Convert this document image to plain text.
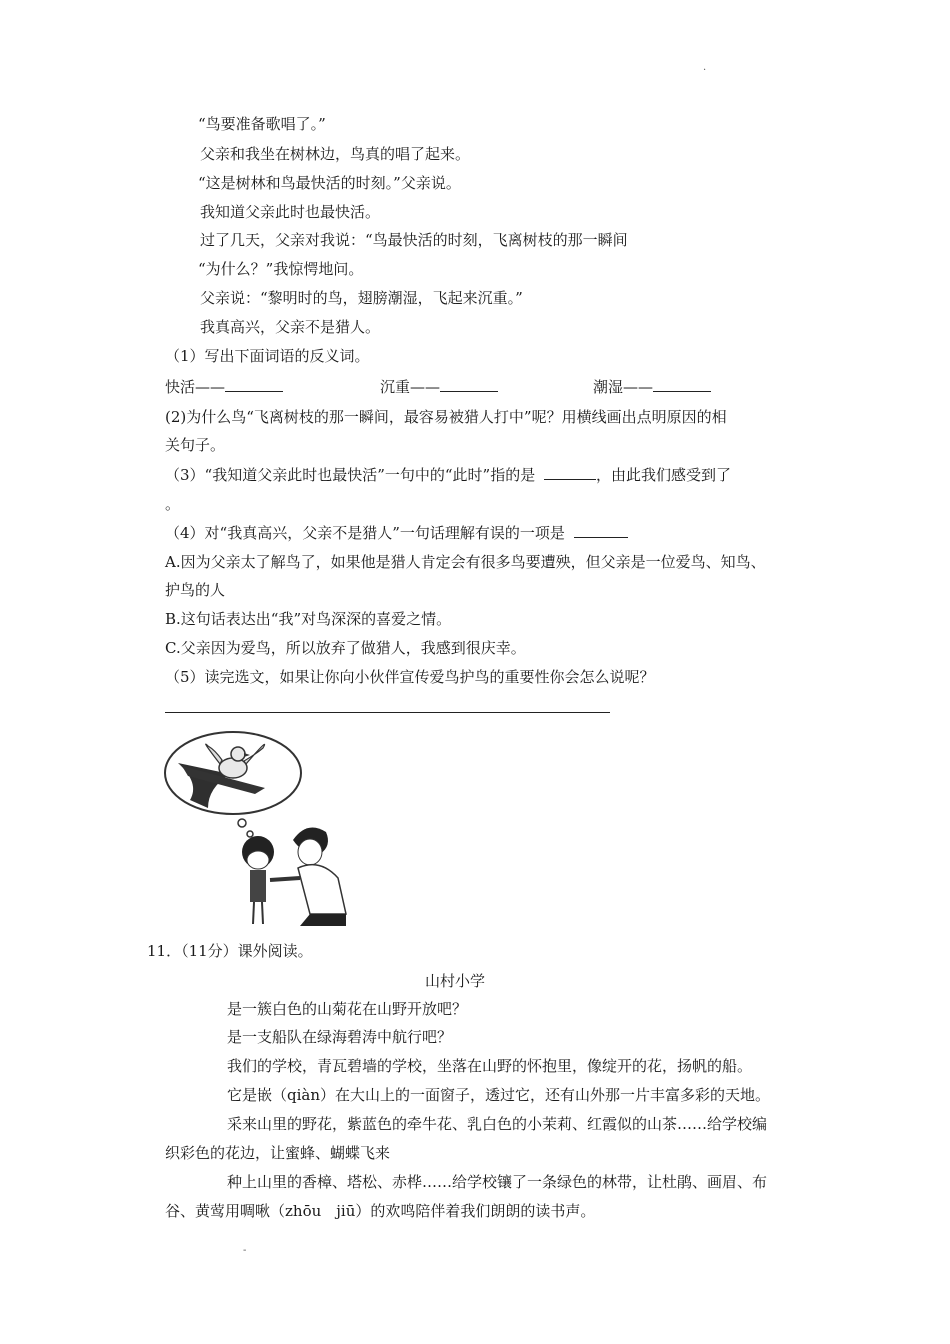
.
“鸟要准备歌唱了。”
父亲和我坐在树林边，鸟真的唱了起来。
“这是树林和鸟最快活的时刻。”父亲说。
我知道父亲此时也最快活。
过了几天，父亲对我说：“鸟最快活的时刻，飞离树枝的那一瞬间
“为什么？”我惊愕地问。
父亲说：“黎明时的鸟，翅膀潮湿，飞起来沉重。”
我真高兴，父亲不是猎人。
（1）写出下面词语的反义词。
快活——	沉重——	潮湿——
(2)为什么鸟“飞离树枝的那一瞬间，最容易被猎人打中”呢？用横线画出点明原因的相
关句子。
（3）“我知道父亲此时也最快活”一句中的“此时”指的是	，由此我们感受到了
。
（4）对“我真高兴，父亲不是猎人”一句话理解有误的一项是
A.因为父亲太了解鸟了，如果他是猎人肯定会有很多鸟要遭殃，但父亲是一位爱鸟、知鸟、
护鸟的人
B.这句话表达出“我”对鸟深深的喜爱之情。
C.父亲因为爱鸟，所以放弃了做猎人，我感到很庆幸。
（5）读完选文，如果让你向小伙伴宣传爱鸟护鸟的重要性你会怎么说呢？
11．（11分）课外阅读。
山村小学
是一簇白色的山菊花在山野开放吧？
是一支船队在绿海碧涛中航行吧？
我们的学校，青瓦碧墙的学校，坐落在山野的怀抱里，像绽开的花，扬帆的船。
它是嵌（qiàn）在大山上的一面窗子，透过它，还有山外那一片丰富多彩的天地。
采来山里的野花，紫蓝色的牵牛花、乳白色的小茉莉、红霞似的山茶……给学校编
织彩色的花边，让蜜蜂、蝴蝶飞来
种上山里的香樟、塔松、赤桦……给学校镶了一条绿色的林带，让杜鹃、画眉、布
谷、黄莺用啁啾（zhōu　jiū）的欢鸣陪伴着我们朗朗的读书声。
-
